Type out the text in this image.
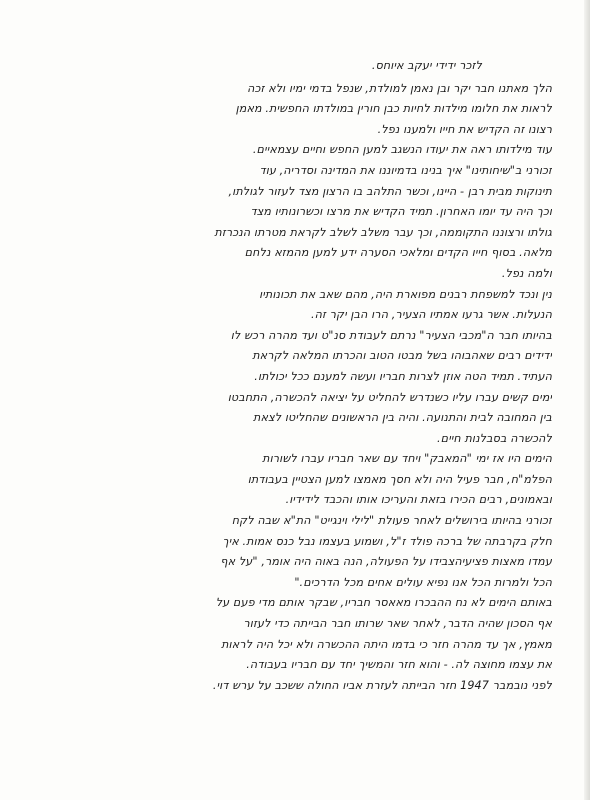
לזכר ידידי יעקב איוחס.
הלך מאתנו חבר יקר ובן נאמן למולדת, שנפל בדמי ימיו ולא זכה
לראות את חלומו מילדות לחיות כבן חורין במולדתו החפשית. מאמן
רצונו זה הקדיש את חייו ולמענו נפל.
עוד מילדותו ראה את יעודו הנשגב למען החפש וחיים עצמאיים.
זכורני ב"שיחותינו" איך בנינו בדמיוננו את המדינה וסדריה, עוד
תינוקות מבית רבן - היינו, וכשר התלהב בו הרצון מצד לעזור לגולתו,
וכך היה עד יומו האחרון. תמיד הקדיש את מרצו וכשרונותיו מצד
גולתו ורצוננו התקוממה, וכך עבר משלב לשלב לקראת מטרתו הנכרזת
מלאה. בסוף חייו הקדים ומלאכי הסערה ידע למען מהמזא נלחם
ולמה נפל.
נין ונכד למשפחת רבנים מפוארת היה, מהם שאב את תכונותיו
הנעלות. אשר גרעו אמתיו הצעיר, הרו הבן יקר זה.
בהיותו חבר ה"מכבי הצעיר" נרתם לעבודת סנ"ט ועד מהרה רכש לו
ידידים רבים שאהבוהו בשל מבטו הטוב והכרתו המלאה לקראת
העתיד. תמיד הטה אוזן לצרות חבריו ועשה למענם ככל יכולתו.
ימים קשים עברו עליו כשנדרש להחליט על יציאה להכשרה, התחבטו
בין המחובה לבית והתנועה. והיה בין הראשונים שהחליטו לצאת
להכשרה בסבלנות חיים.
הימים היו אז ימי "המאבק" ויחד עם שאר חבריו עברו לשורות
הפלמ"ח, חבר פעיל היה ולא חסך מאמצו למען הצטיין בעבודתו
ובאמונים, רבים הכירו בזאת והעריכו אותו והכבד לידידיו.
זכורני בהיותו בירושלים לאחר פעולת "לילי וינגייט" הת"א שבה לקח
חלק בקרבתה של ברכה פולד ז"ל, ושמוע בעצמו נבל כנס אמות. איך
עמדו מאצות פציעיהצבידו על הפעולה, הנה באוה היה אומר, "על אף
הכל ולמרות הכל אנו נפיא עולים אחים מכל הדרכים."
באותם הימים לא נח ההבכרו מאאסר חבריו, שבקר אותם מדי פעם על
אף הסכון שהיה הדבר, לאחר שאר שרותו חבר הבייתה כדי לעזור
מאמץ, אך עד מהרה חזר כי בדמו היתה ההכשרה ולא יכל היה לראות
את עצמו מחוצה לה. - והוא חזר והמשיך יחד עם חבריו בעבודה.
לפני נובמבר 1947 חזר הבייתה לעזרת אביו החולה ששכב על ערש דוי.
